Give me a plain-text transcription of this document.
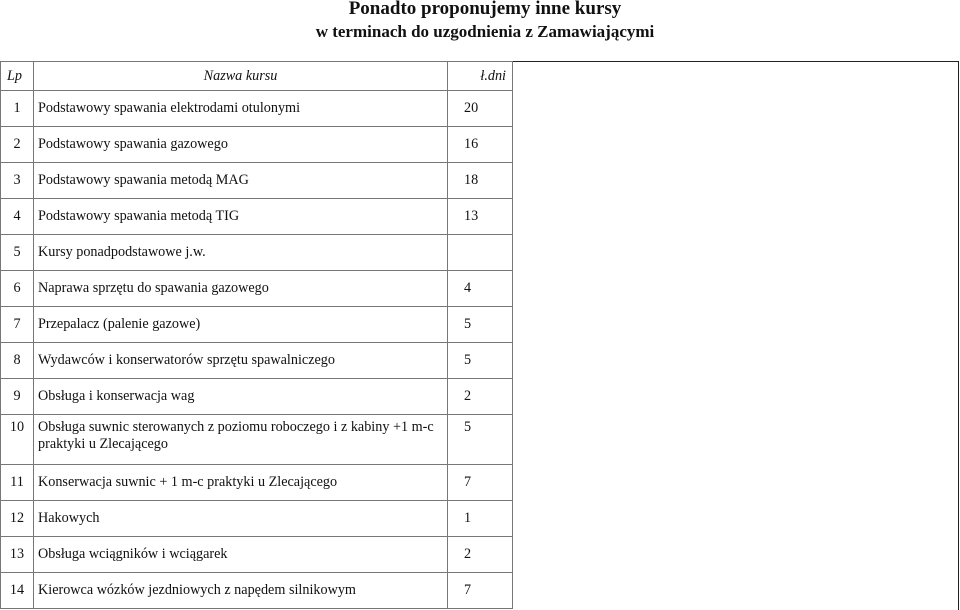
Ponadto proponujemy inne kursy
w terminach do uzgodnienia z Zamawiającymi
Lp	Nazwa kursu	ł.dni
1	Podstawowy spawania elektrodami otulonymi	20
2	Podstawowy spawania gazowego	16
3	Podstawowy spawania metodą MAG	18
4	Podstawowy spawania metodą TIG	13
5	Kursy ponadpodstawowe j.w.	
6	Naprawa sprzętu do spawania gazowego	4
7	Przepalacz (palenie gazowe)	5
8	Wydawców i konserwatorów sprzętu spawalniczego	5
9	Obsługa i konserwacja wag	2
10	Obsługa suwnic sterowanych z poziomu roboczego i z kabiny +1 m-c praktyki u Zlecającego	5
11	Konserwacja suwnic + 1 m-c praktyki u Zlecającego	7
12	Hakowych	1
13	Obsługa wciągników i wciągarek	2
14	Kierowca wózków jezdniowych z napędem silnikowym	7
